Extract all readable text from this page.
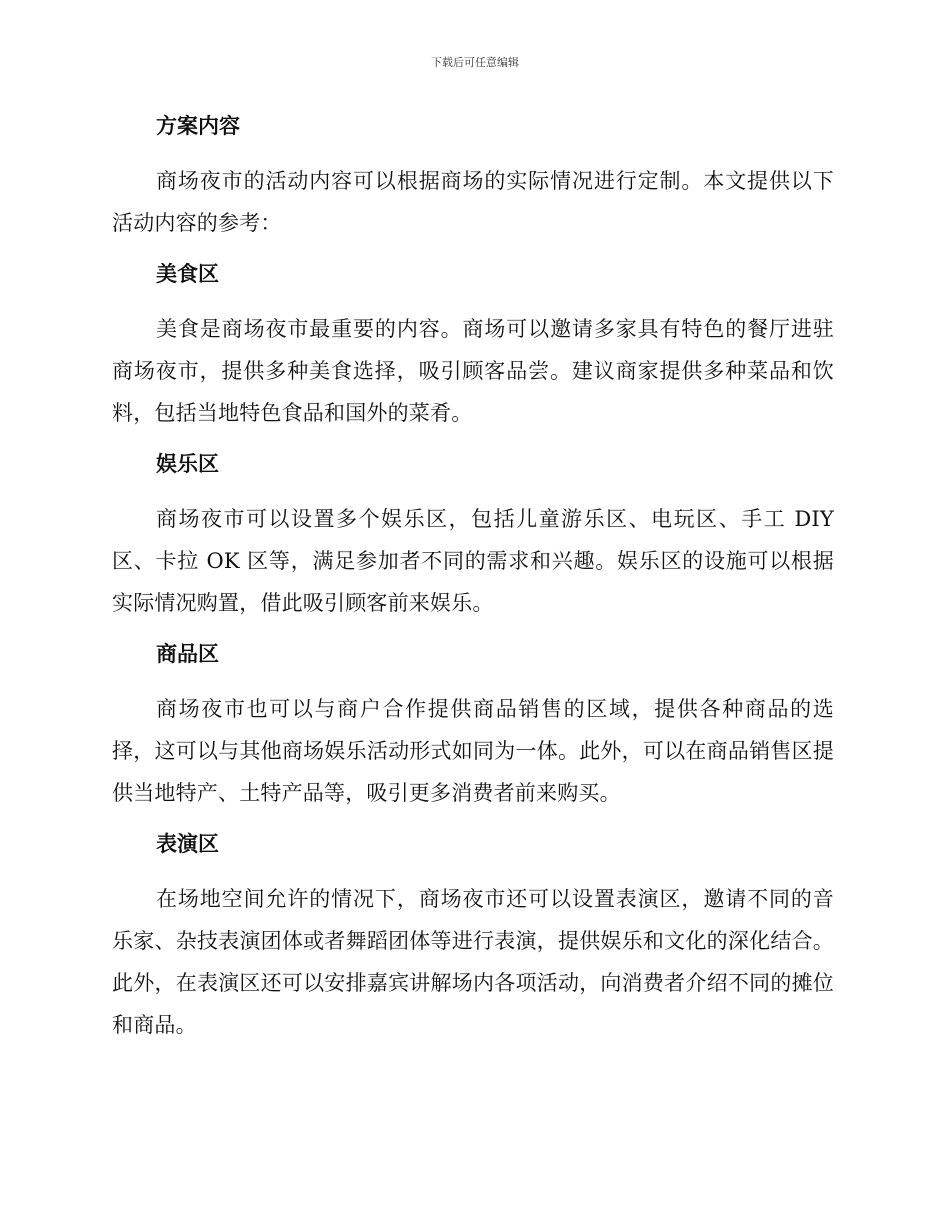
下载后可任意编辑
方案内容

商场夜市的活动内容可以根据商场的实际情况进行定制。本文提供以下活动内容的参考：

美食区

美食是商场夜市最重要的内容。商场可以邀请多家具有特色的餐厅进驻商场夜市，提供多种美食选择，吸引顾客品尝。建议商家提供多种菜品和饮料，包括当地特色食品和国外的菜肴。

娱乐区

商场夜市可以设置多个娱乐区，包括儿童游乐区、电玩区、手工 DIY 区、卡拉 OK 区等，满足参加者不同的需求和兴趣。娱乐区的设施可以根据实际情况购置，借此吸引顾客前来娱乐。

商品区

商场夜市也可以与商户合作提供商品销售的区域，提供各种商品的选择，这可以与其他商场娱乐活动形式如同为一体。此外，可以在商品销售区提供当地特产、土特产品等，吸引更多消费者前来购买。

表演区

在场地空间允许的情况下，商场夜市还可以设置表演区，邀请不同的音乐家、杂技表演团体或者舞蹈团体等进行表演，提供娱乐和文化的深化结合。此外，在表演区还可以安排嘉宾讲解场内各项活动，向消费者介绍不同的摊位和商品。
